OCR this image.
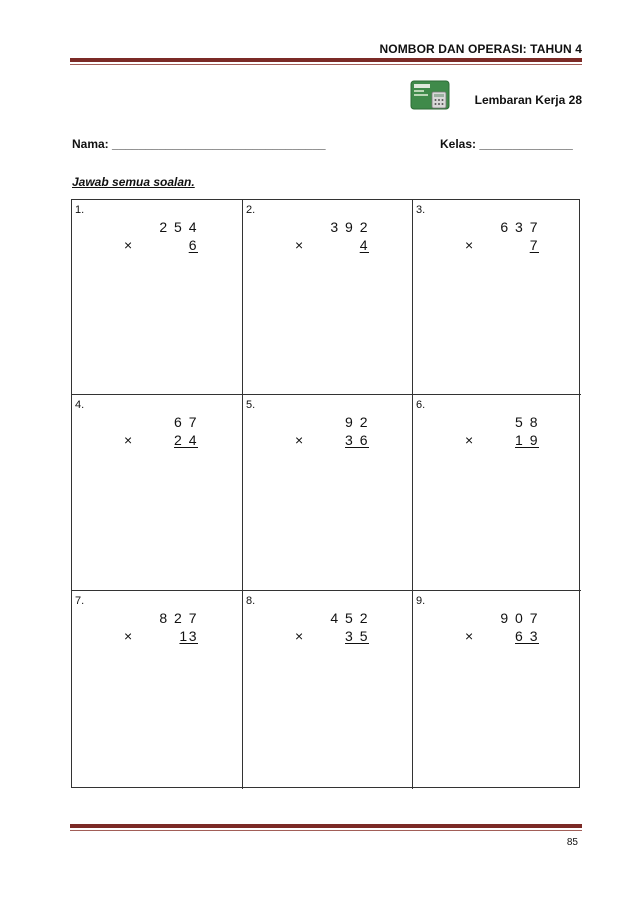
NOMBOR DAN OPERASI: TAHUN 4
Lembaran Kerja 28
Nama: ________________________________	Kelas: ______________
Jawab semua soalan.
1.
2 5 4
×	6
2.
3 9 2
×	4
3.
6 3 7
×	7
4.
6 7
×	2 4
5.
9 2
×	3 6
6.
5 8
×	1 9
7.
8 2 7
×	13
8.
4 5 2
×	3 5
9.
9 0 7
×	6 3
85
